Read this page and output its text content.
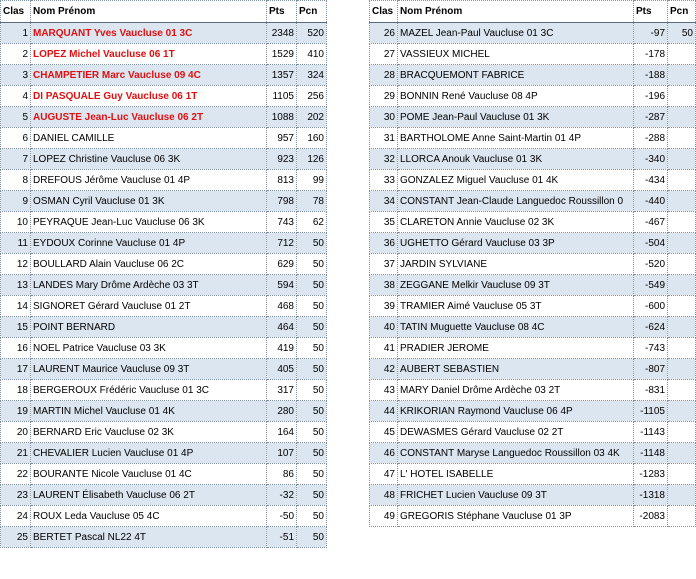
Clas	Nom Prénom	Pts	Pcn
1	MARQUANT Yves Vaucluse 01 3C	2348	520
2	LOPEZ Michel Vaucluse 06 1T	1529	410
3	CHAMPETIER Marc Vaucluse 09 4C	1357	324
4	DI PASQUALE Guy Vaucluse 06 1T	1105	256
5	AUGUSTE Jean-Luc Vaucluse 06 2T	1088	202
6	DANIEL CAMILLE	957	160
7	LOPEZ Christine Vaucluse 06 3K	923	126
8	DREFOUS Jérôme Vaucluse 01 4P	813	99
9	OSMAN Cyril Vaucluse 01 3K	798	78
10	PEYRAQUE Jean-Luc Vaucluse 06 3K	743	62
11	EYDOUX Corinne Vaucluse 01 4P	712	50
12	BOULLARD Alain Vaucluse 06 2C	629	50
13	LANDES Mary Drôme Ardèche 03 3T	594	50
14	SIGNORET Gérard Vaucluse 01 2T	468	50
15	POINT BERNARD	464	50
16	NOEL Patrice Vaucluse 03 3K	419	50
17	LAURENT Maurice Vaucluse 09 3T	405	50
18	BERGEROUX Frédéric Vaucluse 01 3C	317	50
19	MARTIN Michel Vaucluse 01 4K	280	50
20	BERNARD Eric Vaucluse 02 3K	164	50
21	CHEVALIER Lucien Vaucluse 01 4P	107	50
22	BOURANTE Nicole Vaucluse 01 4C	86	50
23	LAURENT Élisabeth Vaucluse 06 2T	-32	50
24	ROUX Leda Vaucluse 05 4C	-50	50
25	BERTET Pascal NL22 4T	-51	50
Clas	Nom Prénom	Pts	Pcn
26	MAZEL Jean-Paul Vaucluse 01 3C	-97	50
27	VASSIEUX MICHEL	-178	
28	BRACQUEMONT FABRICE	-188	
29	BONNIN René Vaucluse 08 4P	-196	
30	POME Jean-Paul Vaucluse 01 3K	-287	
31	BARTHOLOME Anne Saint-Martin 01 4P	-288	
32	LLORCA Anouk Vaucluse 01 3K	-340	
33	GONZALEZ Miguel Vaucluse 01 4K	-434	
34	CONSTANT Jean-Claude Languedoc Roussillon 0	-440	
35	CLARETON Annie Vaucluse 02 3K	-467	
36	UGHETTO Gérard Vaucluse 03 3P	-504	
37	JARDIN SYLVIANE	-520	
38	ZEGGANE Melkir Vaucluse 09 3T	-549	
39	TRAMIER Aimé Vaucluse 05 3T	-600	
40	TATIN Muguette Vaucluse 08 4C	-624	
41	PRADIER JEROME	-743	
42	AUBERT SEBASTIEN	-807	
43	MARY Daniel Drôme Ardèche 03 2T	-831	
44	KRIKORIAN Raymond Vaucluse 06 4P	-1105	
45	DEWASMES Gérard Vaucluse 02 2T	-1143	
46	CONSTANT Maryse Languedoc Roussillon 03 4K	-1148	
47	L' HOTEL ISABELLE	-1283	
48	FRICHET Lucien Vaucluse 09 3T	-1318	
49	GREGORIS Stéphane Vaucluse 01 3P	-2083	
